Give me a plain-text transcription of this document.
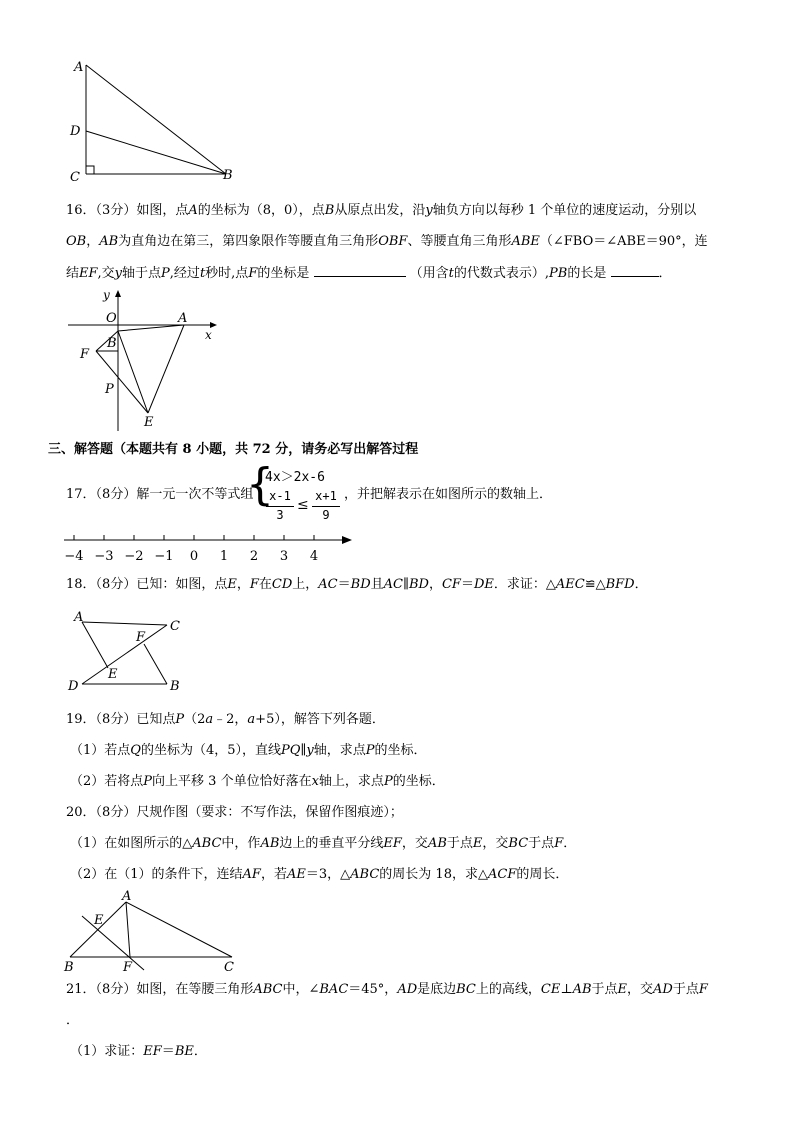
A
D
C	B
16．（3分）如图，点A的坐标为（8，0），点B从原点出发，沿y轴负方向以每秒 1 个单位的速度运动，分别以
OB，AB为直角边在第三，第四象限作等腰直角三角形OBF、等腰直角三角形ABE（∠FBO＝∠ABE＝90°，连
结EF,交y轴于点P,经过t秒时,点F的坐标是	（用含t的代数式表示）,PB的长是	．
y
x
O	A
B
F
P
E
三、解答题（本题共有 8 小题，共 72 分，请务必写出解答过程
17．（8分）解一元一次不等式组
{
4x＞2x-6
x-1
3
≤
x+1
9
，并把解表示在如图所示的数轴上．
−4 −3 −2 −1 0 1 2 3 4
18．（8分）已知：如图，点E，F在CD上，AC＝BD且AC∥BD，CF＝DE．求证：△AEC≌△BFD．
A
C
F
E
D	B
19．（8分）已知点P（2a﹣2，a+5），解答下列各题．
（1）若点Q的坐标为（4，5），直线PQ∥y轴，求点P的坐标．
（2）若将点P向上平移 3 个单位恰好落在x轴上，求点P的坐标．
20．（8分）尺规作图（要求：不写作法，保留作图痕迹）；
（1）在如图所示的△ABC中，作AB边上的垂直平分线EF，交AB于点E，交BC于点F．
（2）在（1）的条件下，连结AF，若AE＝3，△ABC的周长为 18，求△ACF的周长．
A
E
B	F	C
21．（8分）如图，在等腰三角形ABC中，∠BAC＝45°，AD是底边BC上的高线，CE⊥AB于点E，交AD于点F
．
（1）求证：EF＝BE．
